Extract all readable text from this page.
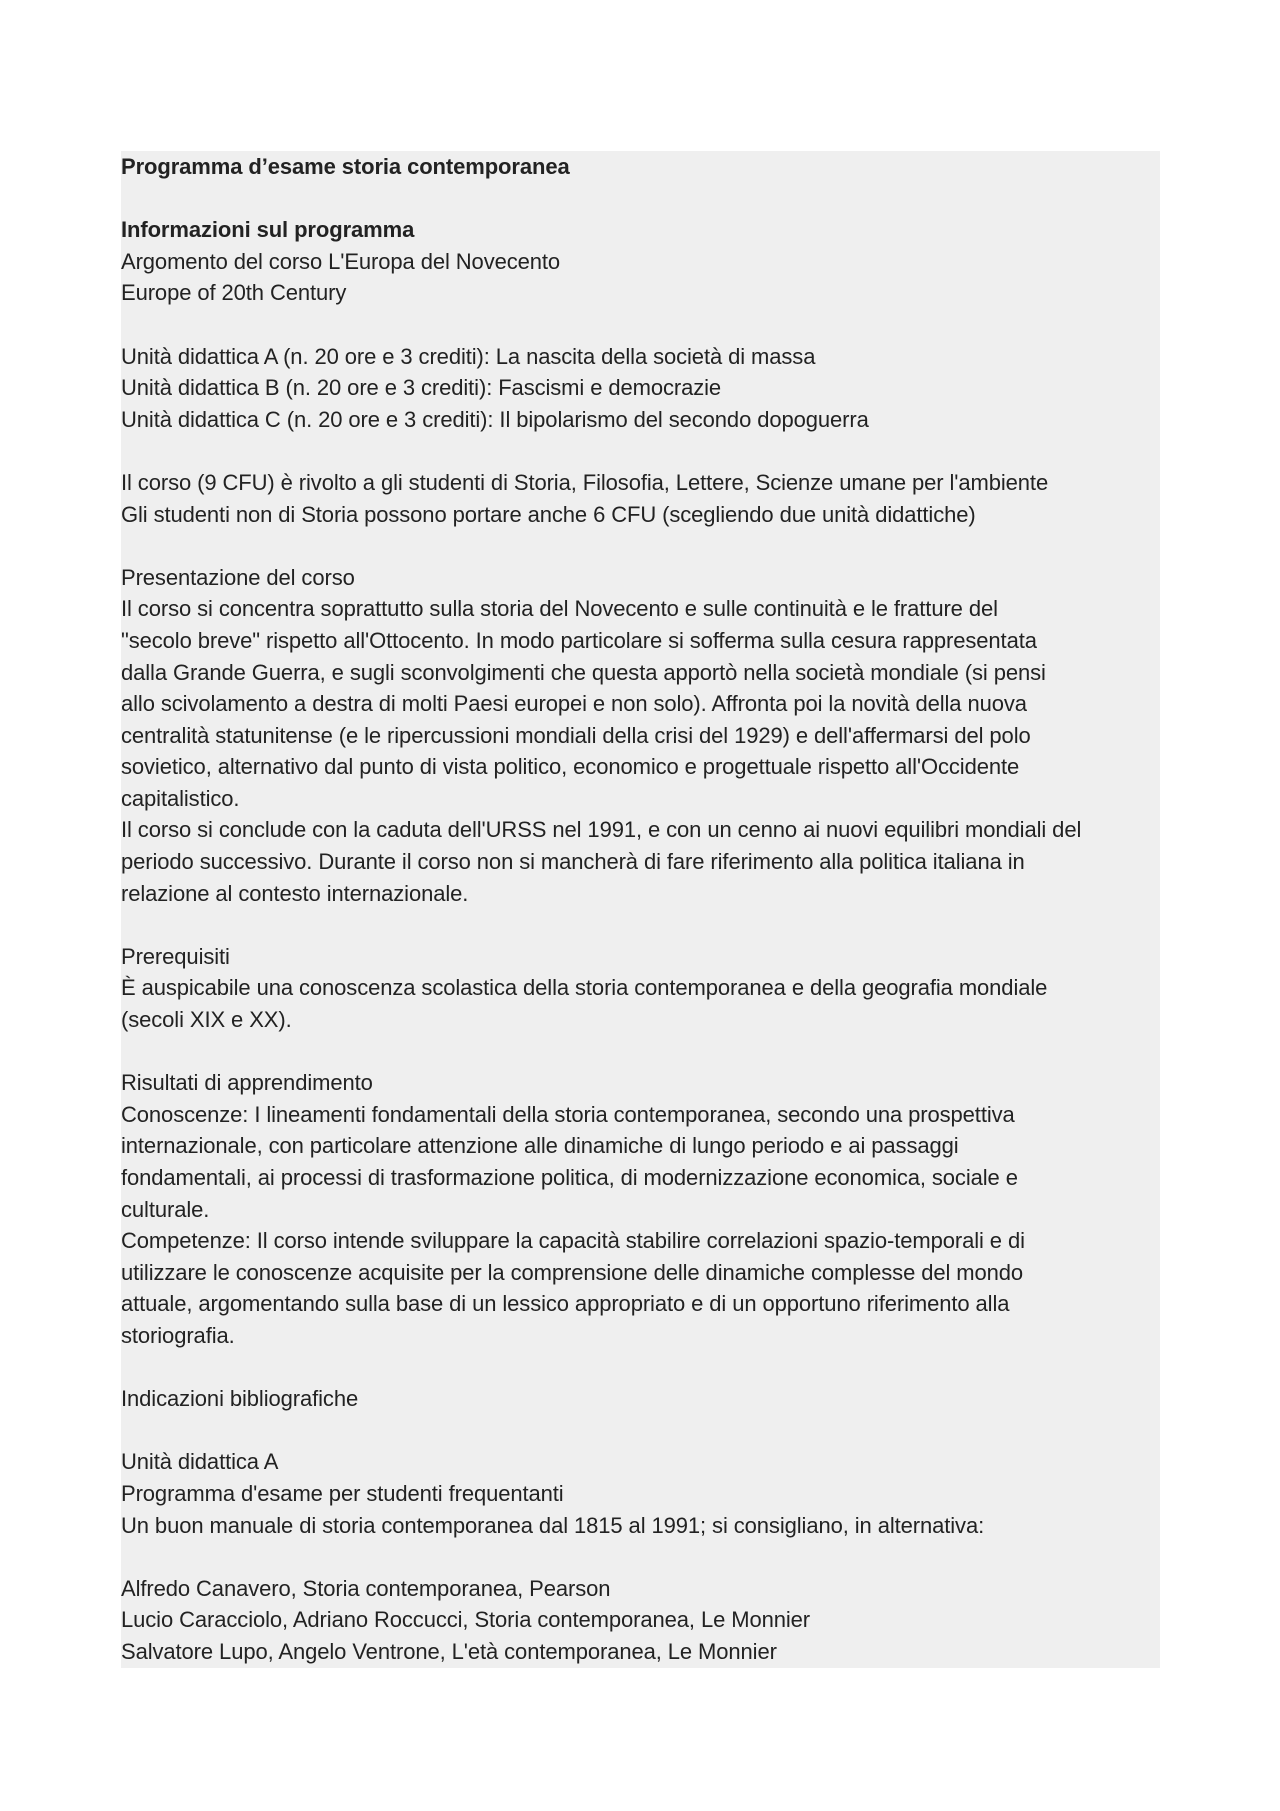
Programma d’esame storia contemporanea
Informazioni sul programma
Argomento del corso L'Europa del Novecento
Europe of 20th Century
Unità didattica A (n. 20 ore e 3 crediti): La nascita della società di massa
Unità didattica B (n. 20 ore e 3 crediti): Fascismi e democrazie
Unità didattica C (n. 20 ore e 3 crediti): Il bipolarismo del secondo dopoguerra
Il corso (9 CFU) è rivolto a gli studenti di Storia, Filosofia, Lettere, Scienze umane per l'ambiente
Gli studenti non di Storia possono portare anche 6 CFU (scegliendo due unità didattiche)
Presentazione del corso
Il corso si concentra soprattutto sulla storia del Novecento e sulle continuità e le fratture del
"secolo breve" rispetto all'Ottocento. In modo particolare si sofferma sulla cesura rappresentata
dalla Grande Guerra, e sugli sconvolgimenti che questa apportò nella società mondiale (si pensi
allo scivolamento a destra di molti Paesi europei e non solo). Affronta poi la novità della nuova
centralità statunitense (e le ripercussioni mondiali della crisi del 1929) e dell'affermarsi del polo
sovietico, alternativo dal punto di vista politico, economico e progettuale rispetto all'Occidente
capitalistico.
Il corso si conclude con la caduta dell'URSS nel 1991, e con un cenno ai nuovi equilibri mondiali del
periodo successivo. Durante il corso non si mancherà di fare riferimento alla politica italiana in
relazione al contesto internazionale.
Prerequisiti
È auspicabile una conoscenza scolastica della storia contemporanea e della geografia mondiale
(secoli XIX e XX).
Risultati di apprendimento
Conoscenze: I lineamenti fondamentali della storia contemporanea, secondo una prospettiva
internazionale, con particolare attenzione alle dinamiche di lungo periodo e ai passaggi
fondamentali, ai processi di trasformazione politica, di modernizzazione economica, sociale e
culturale.
Competenze: Il corso intende sviluppare la capacità stabilire correlazioni spazio-temporali e di
utilizzare le conoscenze acquisite per la comprensione delle dinamiche complesse del mondo
attuale, argomentando sulla base di un lessico appropriato e di un opportuno riferimento alla
storiografia.
Indicazioni bibliografiche
Unità didattica A
Programma d'esame per studenti frequentanti
Un buon manuale di storia contemporanea dal 1815 al 1991; si consigliano, in alternativa:
Alfredo Canavero, Storia contemporanea, Pearson
Lucio Caracciolo, Adriano Roccucci, Storia contemporanea, Le Monnier
Salvatore Lupo, Angelo Ventrone, L'età contemporanea, Le Monnier
